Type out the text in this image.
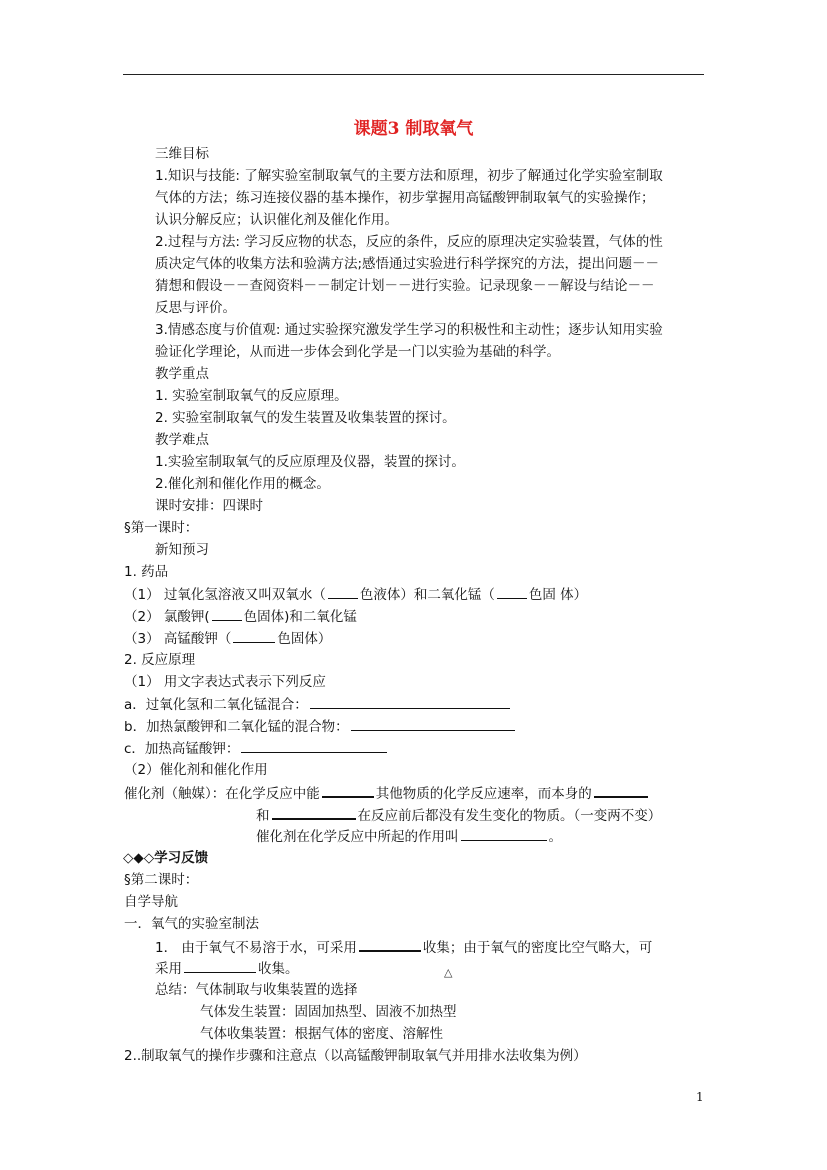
课题3 制取氧气
三维目标
1.知识与技能: 了解实验室制取氧气的主要方法和原理，初步了解通过化学实验室制取
气体的方法；练习连接仪器的基本操作，初步掌握用高锰酸钾制取氧气的实验操作；
认识分解反应；认识催化剂及催化作用。
2.过程与方法: 学习反应物的状态，反应的条件，反应的原理决定实验装置，气体的性
质决定气体的收集方法和验满方法;感悟通过实验进行科学探究的方法，提出问题－－
猜想和假设－－查阅资料－－制定计划－－进行实验。记录现象－－解设与结论－－
反思与评价。
3.情感态度与价值观: 通过实验探究激发学生学习的积极性和主动性；逐步认知用实验
验证化学理论，从而进一步体会到化学是一门以实验为基础的科学。
教学重点
1. 实验室制取氧气的反应原理。
2. 实验室制取氧气的发生装置及收集装置的探讨。
教学难点
1.实验室制取氧气的反应原理及仪器，装置的探讨。
2.催化剂和催化作用的概念。
课时安排：四课时
§第一课时：
新知预习
1. 药品
（1） 过氧化氢溶液又叫双氧水（	色液体）和二氧化锰（	色固 体）
（2） 氯酸钾(	色固体)和二氧化锰
（3） 高锰酸钾（	色固体）
2. 反应原理
（1） 用文字表达式表示下列反应
a．过氧化氢和二氧化锰混合：
b．加热氯酸钾和二氧化锰的混合物：
c．加热高锰酸钾：
（2）催化剂和催化作用
催化剂（触媒）：在化学反应中能	其他物质的化学反应速率，而本身的
和	在反应前后都没有发生变化的物质。（一变两不变）
催化剂在化学反应中所起的作用叫	。
◇◆◇学习反馈
§第二课时：
自学导航
一．氧气的实验室制法
1． 由于氧气不易溶于水，可采用	收集；由于氧气的密度比空气略大，可
采用	收集。
总结：气体制取与收集装置的选择
△
气体发生装置：固固加热型、固液不加热型
气体收集装置：根据气体的密度、溶解性
2..制取氧气的操作步骤和注意点（以高锰酸钾制取氧气并用排水法收集为例）
1
